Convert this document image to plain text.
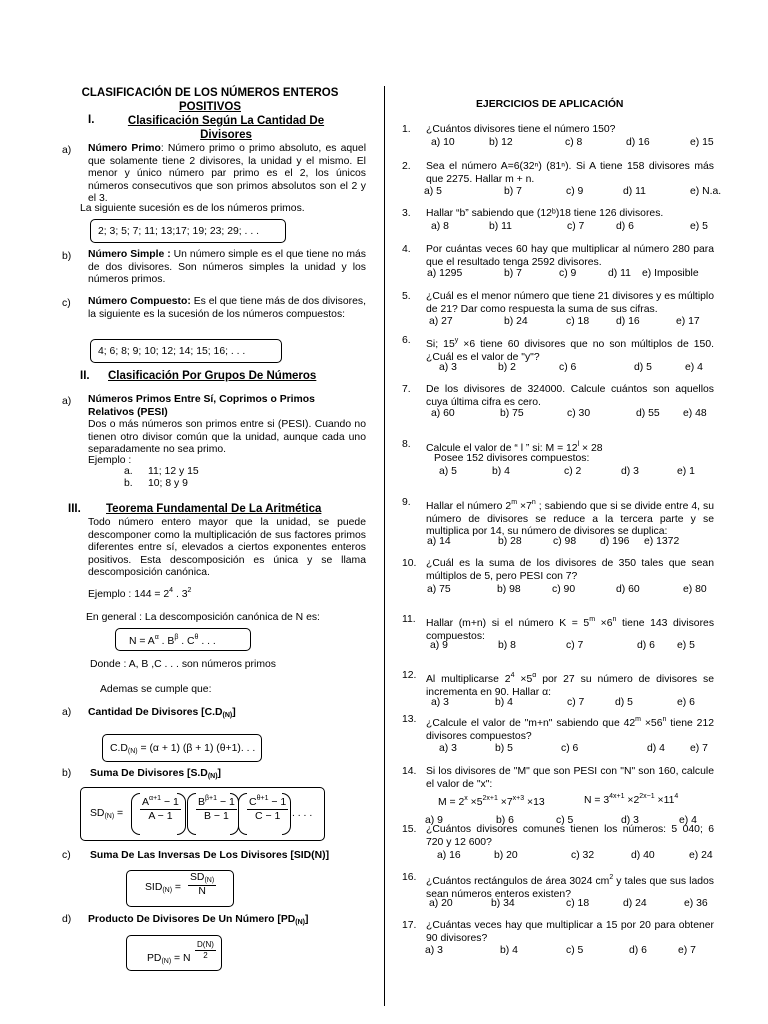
CLASIFICACIÓN DE LOS NÚMEROS ENTEROS
POSITIVOS
I.	Clasificación Según La Cantidad De
Divisores
a) Número Primo: Número primo o primo absoluto, es aquel que solamente tiene 2 divisores, la unidad y el mismo. El menor y único número par primo es el 2, los únicos números consecutivos que son primos absolutos son el 2 y el 3.
La siguiente sucesión es de los números primos.
2; 3; 5; 7; 11; 13;17; 19; 23; 29; . . .
b) Número Simple : Un número simple es el que tiene no más de dos divisores. Son números simples la unidad y los números primos.
c) Número Compuesto: Es el que tiene más de dos divisores, la siguiente es la sucesión de los números compuestos:
4; 6; 8; 9; 10; 12; 14; 15; 16; . . .
II. Clasificación Por Grupos De Números
a) Números Primos Entre Sí, Coprimos o Primos
Relativos (PESI)
Dos o más números son primos entre si (PESI). Cuando no tienen otro divisor común que la unidad, aunque cada uno separadamente no sea primo.
Ejemplo :
a. 11; 12 y 15
b. 10; 8 y 9
III. Teorema Fundamental De La Aritmética
Todo número entero mayor que la unidad, se puede descomponer como la multiplicación de sus factores primos diferentes entre sí, elevados a ciertos exponentes enteros positivos. Esta descomposición es única y se llama descomposición canónica.
Ejemplo : $144 = 2^4$ . $3^2$
En general : La descomposición canónica de N es:
$N = A^\alpha$ . $B^\beta$ . $C^\theta$ . . .
Donde : A, B ,C . . . son números primos
Ademas se cumple que:
a) Cantidad De Divisores $[C.D_{(N)}]$
$C.D_{(N)} = (\alpha + 1) (\beta + 1)$ (θ+1). . .
b) Suma De Divisores $[S.D_{(N)}]$
$SD_{(N)} = \frac{A^{\alpha+1} - 1}{A - 1} \frac{B^{\beta+1} - 1}{B - 1} \frac{C^{\theta+1} - 1}{C - 1}$ . . . .
c) Suma De Las Inversas De Los Divisores [SID(N)]
$SID_{(N)} = \frac{SD_{(N)}}{N}$
d) Producto De Divisores De Un Número $[PD_{(N)}]$
$PD_{(N)} = N \frac{D(N)}{2}$
EJERCICIOS DE APLICACIÓN
1. ¿Cuántos divisores tiene el número 150?
a) 10	b) 12	c) 8	d) 16	e) 15
2. Sea el número A=6(32ⁿ) (81ⁿ). Si A tiene 158 divisores más que 2275. Hallar m + n.
a) 5	b) 7	c) 9	d) 11	e) N.a.
3. Hallar “b” sabiendo que (12ᵇ)18 tiene 126 divisores.
a) 8	b) 11	c) 7	d) 6	e) 5
4. Por cuántas veces 60 hay que multiplicar al número 280 para que el resultado tenga 2592 divisores.
a) 1295	b) 7	c) 9	d) 11 e) Imposible
5. ¿Cuál es el menor número que tiene 21 divisores y es múltiplo de 21? Dar como respuesta la suma de sus cifras.
a) 27	b) 24	c) 18	d) 16	e) 17
6. Si; $15^y \times 6$ tiene 60 divisores que no son múltiplos de 150. ¿Cuál es el valor de "y"?
a) 3	b) 2	c) 6	d) 5	e) 4
7. De los divisores de 324000. Calcule cuántos son aquellos cuya última cifra es cero.
a) 60	b) 75	c) 30	d) 55 e) 48
8. Calcule el valor de “ l ” si: $M = 12^l \times 28$
Posee 152 divisores compuestos:
a) 5	b) 4	c) 2	d) 3	e) 1
9. Hallar el número $2^m \times 7^n$ ; sabiendo que si se divide entre 4, su número de divisores se reduce a la tercera parte y se multiplica por 14, su número de divisores se duplica:
a) 14	b) 28	c) 98 d) 196 e) 1372
10. ¿Cuál es la suma de los divisores de 350 tales que sean múltiplos de 5, pero PESI con 7?
a) 75	b) 98	c) 90	d) 60	e) 80
11. Hallar (m+n) si el número $K = 5^m \times 6^n$ tiene 143 divisores compuestos:
a) 9	b) 8	c) 7	d) 6 e) 5
12. Al multiplicarse $2^4 \times 5^\alpha$ por 27 su número de divisores se incrementa en 90. Hallar α:
a) 3	b) 4	c) 7	d) 5	e) 6
13. ¿Calcule el valor de "m+n" sabiendo que $42^m \times 56^n$ tiene 212 divisores compuestos?
a) 3	b) 5	c) 6	d) 4 e) 7
14. Si los divisores de "M" que son PESI con "N" son 160, calcule el valor de "x":
$M = 2^x \times 5^{2x+1} \times 7^{x+3} \times 13$	$N = 3^{4x+1} \times 2^{2x-1} \times 11^4$
a) 9	b) 6	c) 5	d) 3	e) 4
15. ¿Cuántos divisores comunes tienen los números: 5 040; 6 720 y 12 600?
a) 16	b) 20	c) 32	d) 40	e) 24
16. ¿Cuántos rectángulos de área 3024 $cm^2$ y tales que sus lados sean números enteros existen?
a) 20	b) 34	c) 18	d) 24	e) 36
17. ¿Cuántas veces hay que multiplicar a 15 por 20 para obtener 90 divisores?
a) 3	b) 4	c) 5	d) 6	e) 7
